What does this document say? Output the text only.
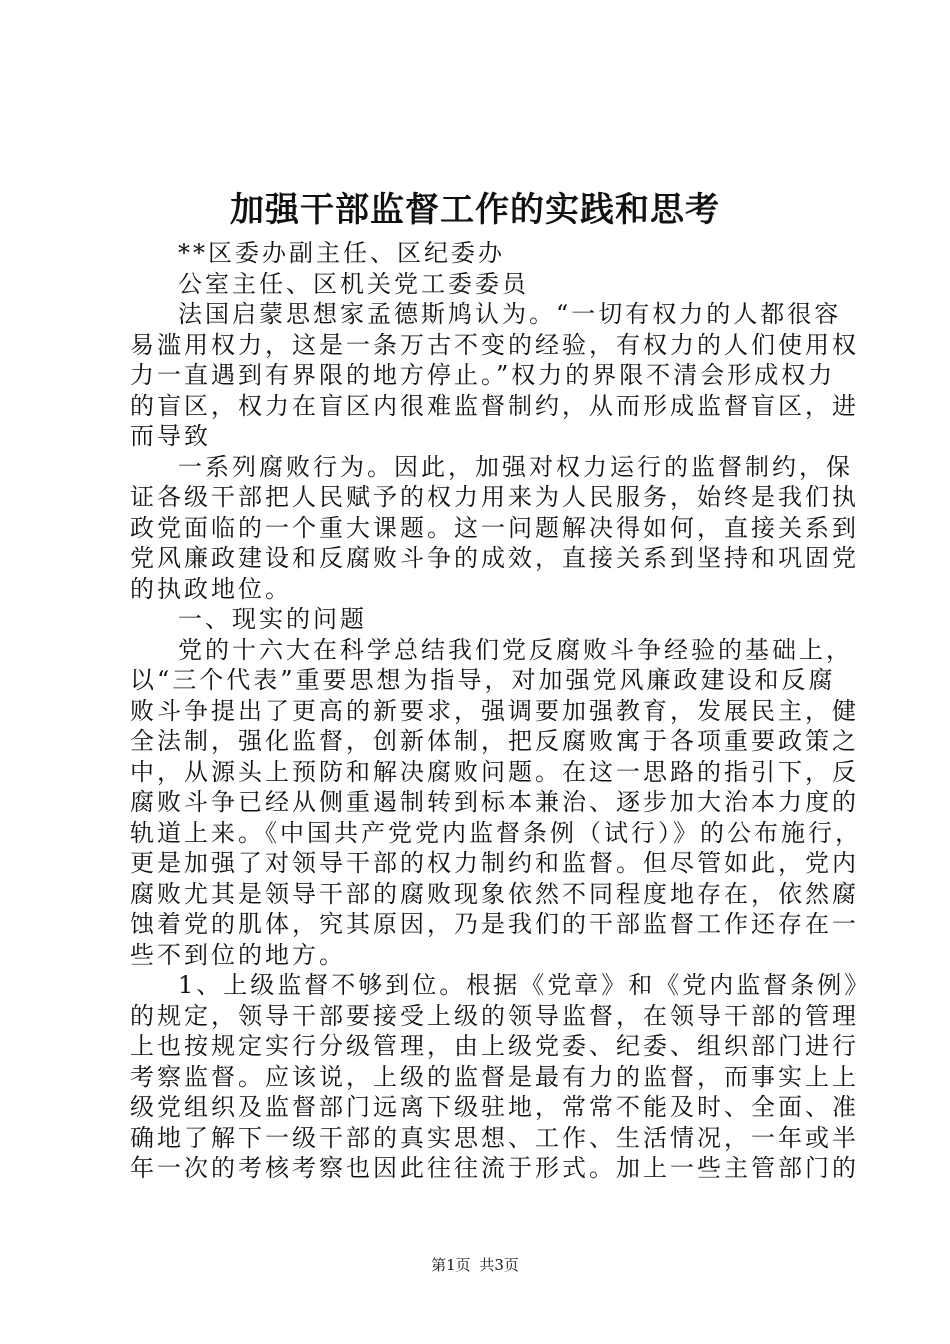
加强干部监督工作的实践和思考
**区委办副主任、区纪委办
公室主任、区机关党工委委员
法国启蒙思想家孟德斯鸠认为。“一切有权力的人都很容
易滥用权力，这是一条万古不变的经验，有权力的人们使用权
力一直遇到有界限的地方停止。”权力的界限不清会形成权力
的盲区，权力在盲区内很难监督制约，从而形成监督盲区，进
而导致
一系列腐败行为。因此，加强对权力运行的监督制约，保
证各级干部把人民赋予的权力用来为人民服务，始终是我们执
政党面临的一个重大课题。这一问题解决得如何，直接关系到
党风廉政建设和反腐败斗争的成效，直接关系到坚持和巩固党
的执政地位。
一、现实的问题
党的十六大在科学总结我们党反腐败斗争经验的基础上，
以“三个代表”重要思想为指导，对加强党风廉政建设和反腐
败斗争提出了更高的新要求，强调要加强教育，发展民主，健
全法制，强化监督，创新体制，把反腐败寓于各项重要政策之
中，从源头上预防和解决腐败问题。在这一思路的指引下，反
腐败斗争已经从侧重遏制转到标本兼治、逐步加大治本力度的
轨道上来。《中国共产党党内监督条例（试行）》的公布施行，
更是加强了对领导干部的权力制约和监督。但尽管如此，党内
腐败尤其是领导干部的腐败现象依然不同程度地存在，依然腐
蚀着党的肌体，究其原因，乃是我们的干部监督工作还存在一
些不到位的地方。
1、上级监督不够到位。根据《党章》和《党内监督条例》
的规定，领导干部要接受上级的领导监督，在领导干部的管理
上也按规定实行分级管理，由上级党委、纪委、组织部门进行
考察监督。应该说，上级的监督是最有力的监督，而事实上上
级党组织及监督部门远离下级驻地，常常不能及时、全面、准
确地了解下一级干部的真实思想、工作、生活情况，一年或半
年一次的考核考察也因此往往流于形式。加上一些主管部门的
第1页 共3页
